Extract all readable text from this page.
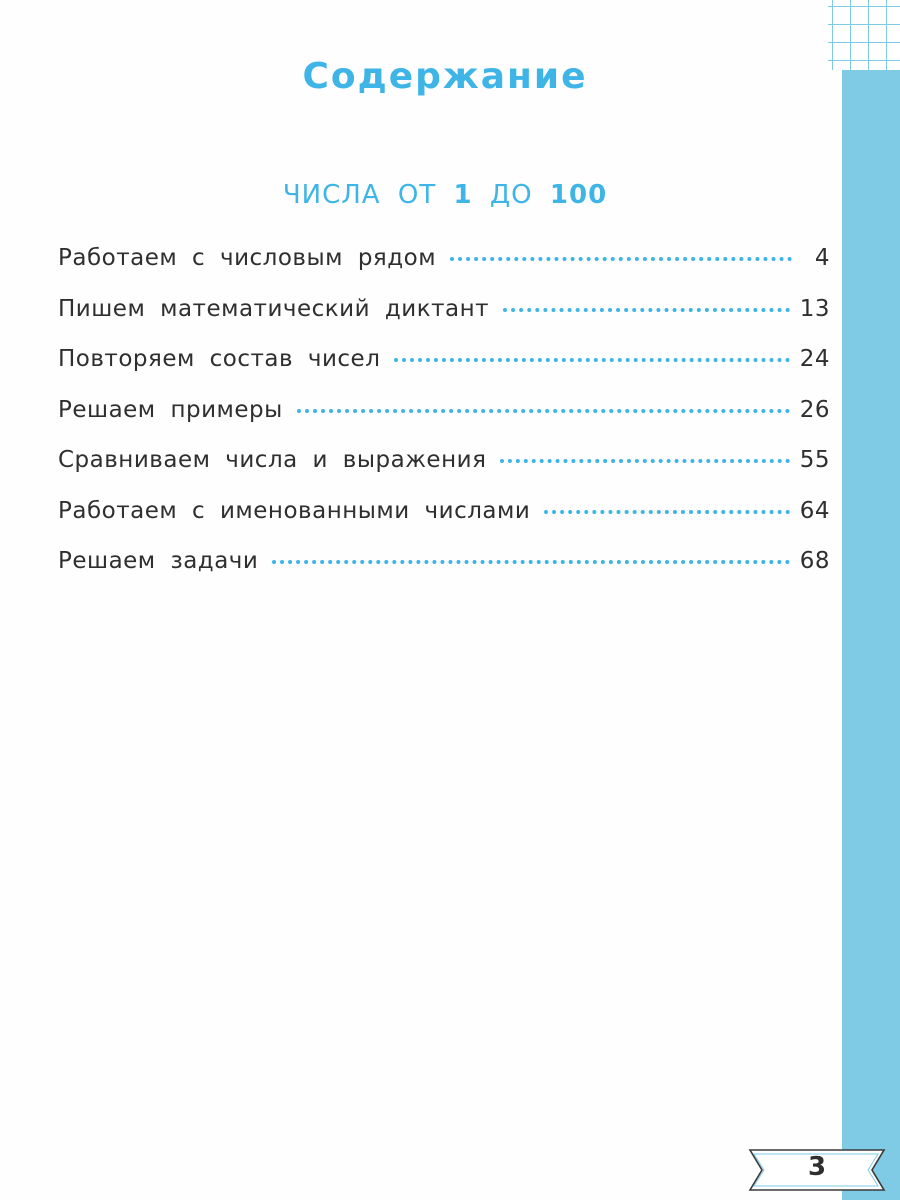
Содержание
ЧИСЛА ОТ 1 ДО 100
Работаем с числовым рядом	4
Пишем математический диктант	13
Повторяем состав чисел	24
Решаем примеры	26
Сравниваем числа и выражения	55
Работаем с именованными числами	64
Решаем задачи	68
3
